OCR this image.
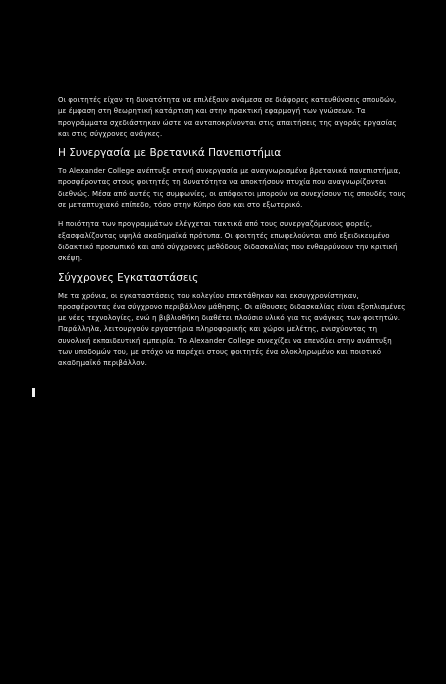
Οι φοιτητές είχαν τη δυνατότητα να επιλέξουν ανάμεσα σε διάφορες κατευθύνσεις σπουδών, με έμφαση στη θεωρητική κατάρτιση και στην πρακτική εφαρμογή των γνώσεων. Τα προγράμματα σχεδιάστηκαν ώστε να ανταποκρίνονται στις απαιτήσεις της αγοράς εργασίας και στις σύγχρονες ανάγκες.

Η Συνεργασία με Βρετανικά Πανεπιστήμια

Το Alexander College ανέπτυξε στενή συνεργασία με αναγνωρισμένα βρετανικά πανεπιστήμια, προσφέροντας στους φοιτητές τη δυνατότητα να αποκτήσουν πτυχία που αναγνωρίζονται διεθνώς. Μέσα από αυτές τις συμφωνίες, οι απόφοιτοι μπορούν να συνεχίσουν τις σπουδές τους σε μεταπτυχιακό επίπεδο, τόσο στην Κύπρο όσο και στο εξωτερικό.

Η ποιότητα των προγραμμάτων ελέγχεται τακτικά από τους συνεργαζόμενους φορείς, εξασφαλίζοντας υψηλά ακαδημαϊκά πρότυπα. Οι φοιτητές επωφελούνται από εξειδικευμένο διδακτικό προσωπικό και από σύγχρονες μεθόδους διδασκαλίας που ενθαρρύνουν την κριτική σκέψη.

Σύγχρονες Εγκαταστάσεις

Με τα χρόνια, οι εγκαταστάσεις του κολεγίου επεκτάθηκαν και εκσυγχρονίστηκαν, προσφέροντας ένα σύγχρονο περιβάλλον μάθησης. Οι αίθουσες διδασκαλίας είναι εξοπλισμένες με νέες τεχνολογίες, ενώ η βιβλιοθήκη διαθέτει πλούσιο υλικό για τις ανάγκες των φοιτητών. Παράλληλα, λειτουργούν εργαστήρια πληροφορικής και χώροι μελέτης, ενισχύοντας τη συνολική εκπαιδευτική εμπειρία. Το Alexander College συνεχίζει να επενδύει στην ανάπτυξη των υποδομών του, με στόχο να παρέχει στους φοιτητές ένα ολοκληρωμένο και ποιοτικό ακαδημαϊκό περιβάλλον.
